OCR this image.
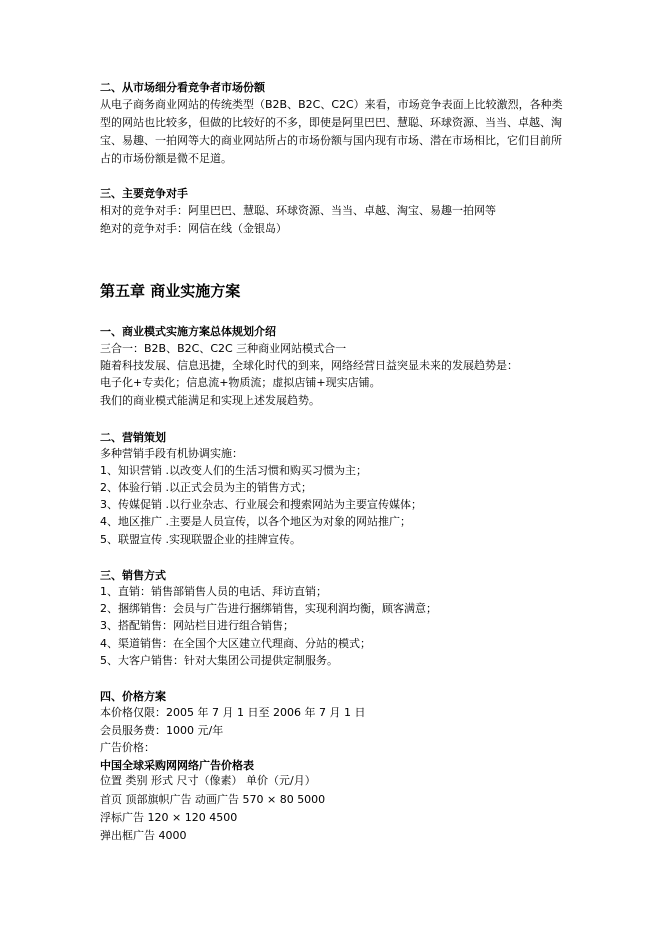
二、从市场细分看竞争者市场份额
从电子商务商业网站的传统类型（B2B、B2C、C2C）来看，市场竞争表面上比较激烈，各种类型的网站也比较多，但做的比较好的不多，即使是阿里巴巴、慧聪、环球资源、当当、卓越、淘宝、易趣、一拍网等大的商业网站所占的市场份额与国内现有市场、潜在市场相比，它们目前所占的市场份额是微不足道。
三、主要竞争对手
相对的竞争对手：阿里巴巴、慧聪、环球资源、当当、卓越、淘宝、易趣一拍网等
绝对的竞争对手：网信在线（金银岛）
第五章 商业实施方案
一、商业模式实施方案总体规划介绍
三合一：B2B、B2C、C2C 三种商业网站模式合一
随着科技发展、信息迅捷，全球化时代的到来，网络经营日益突显未来的发展趋势是：
电子化+专卖化；信息流+物质流；虚拟店铺+现实店铺。
我们的商业模式能满足和实现上述发展趋势。
二、营销策划
多种营销手段有机协调实施：
1、知识营销 .以改变人们的生活习惯和购买习惯为主；
2、体验行销 .以正式会员为主的销售方式；
3、传媒促销 .以行业杂志、行业展会和搜索网站为主要宣传媒体；
4、地区推广 .主要是人员宣传，以各个地区为对象的网站推广；
5、联盟宣传 .实现联盟企业的挂牌宣传。
三、销售方式
1、直销：销售部销售人员的电话、拜访直销；
2、捆绑销售：会员与广告进行捆绑销售，实现利润均衡，顾客满意；
3、搭配销售：网站栏目进行组合销售；
4、渠道销售：在全国个大区建立代理商、分站的模式；
5、大客户销售：针对大集团公司提供定制服务。
四、价格方案
本价格仅限：2005 年 7 月 1 日至 2006 年 7 月 1 日
会员服务费：1000 元/年
广告价格：
中国全球采购网网络广告价格表
位置 类别 形式 尺寸（像素） 单价（元/月）
首页 顶部旗帜广告 动画广告 570 × 80 5000
浮标广告 120 × 120 4500
弹出框广告 4000
